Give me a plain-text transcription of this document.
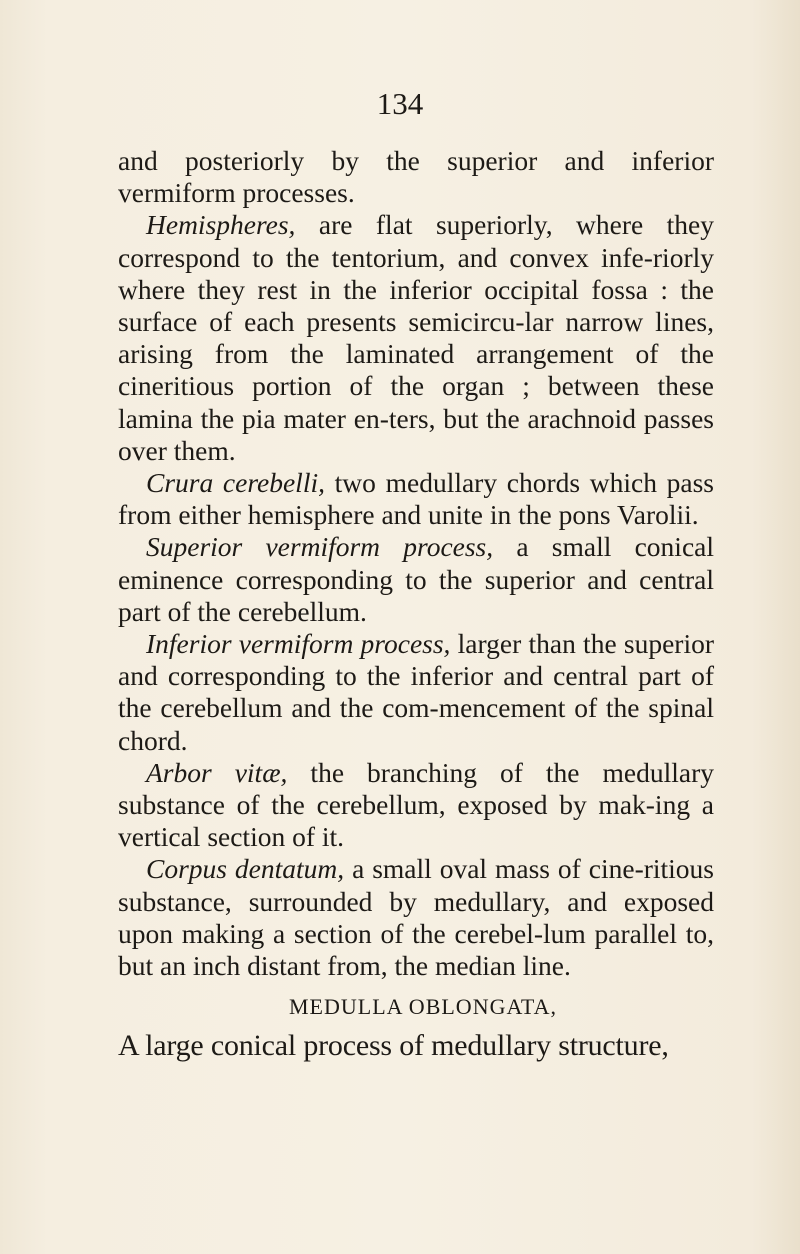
134

and posteriorly by the superior and inferior vermiform processes.

Hemispheres, are flat superiorly, where they correspond to the tentorium, and convex infe-riorly where they rest in the inferior occipital fossa : the surface of each presents semicircu-lar narrow lines, arising from the laminated arrangement of the cineritious portion of the organ ; between these lamina the pia mater en-ters, but the arachnoid passes over them.

Crura cerebelli, two medullary chords which pass from either hemisphere and unite in the pons Varolii.

Superior vermiform process, a small conical eminence corresponding to the superior and central part of the cerebellum.

Inferior vermiform process, larger than the superior and corresponding to the inferior and central part of the cerebellum and the com-mencement of the spinal chord.

Arbor vitæ, the branching of the medullary substance of the cerebellum, exposed by mak-ing a vertical section of it.

Corpus dentatum, a small oval mass of cine-ritious substance, surrounded by medullary, and exposed upon making a section of the cerebel-lum parallel to, but an inch distant from, the median line.

MEDULLA OBLONGATA,

A large conical process of medullary structure,
